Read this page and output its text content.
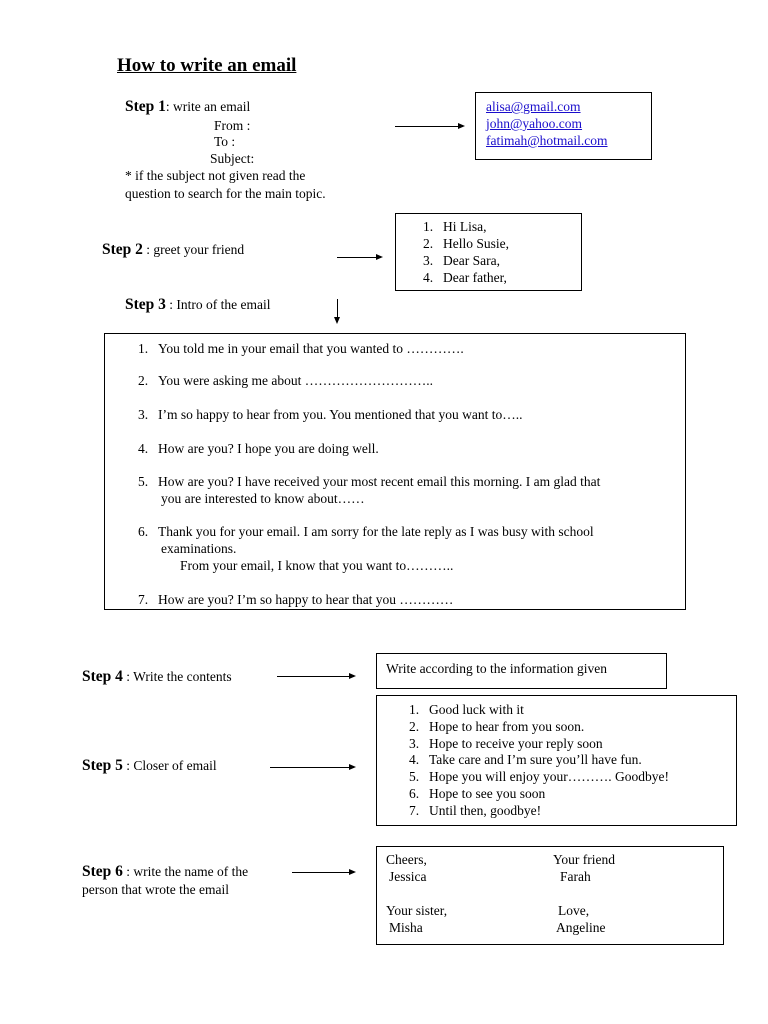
How to write an email
Step 1: write an email
From :
To :
Subject:
* if the subject not given read the
question to search for the main topic.
alisa@gmail.com
john@yahoo.com
fatimah@hotmail.com
Step 2 : greet your friend
1. Hi Lisa,
2. Hello Susie,
3. Dear Sara,
4. Dear father,
Step 3 : Intro of the email
1. You told me in your email that you wanted to ………….
2. You were asking me about ………………………..
3. I’m so happy to hear from you. You mentioned that you want to…..
4. How are you? I hope you are doing well.
5. How are you? I have received your most recent email this morning. I am glad that
you are interested to know about……
6. Thank you for your email. I am sorry for the late reply as I was busy with school
examinations.
From your email, I know that you want to………..
7. How are you? I’m so happy to hear that you …………
Step 4 : Write the contents
Write according to the information given
Step 5 : Closer of email
1. Good luck with it
2. Hope to hear from you soon.
3. Hope to receive your reply soon
4. Take care and I’m sure you’ll have fun.
5. Hope you will enjoy your………. Goodbye!
6. Hope to see you soon
7. Until then, goodbye!
Step 6 : write the name of the
person that wrote the email
Cheers,
Jessica
Your friend
Farah
Your sister,
Misha
Love,
Angeline
